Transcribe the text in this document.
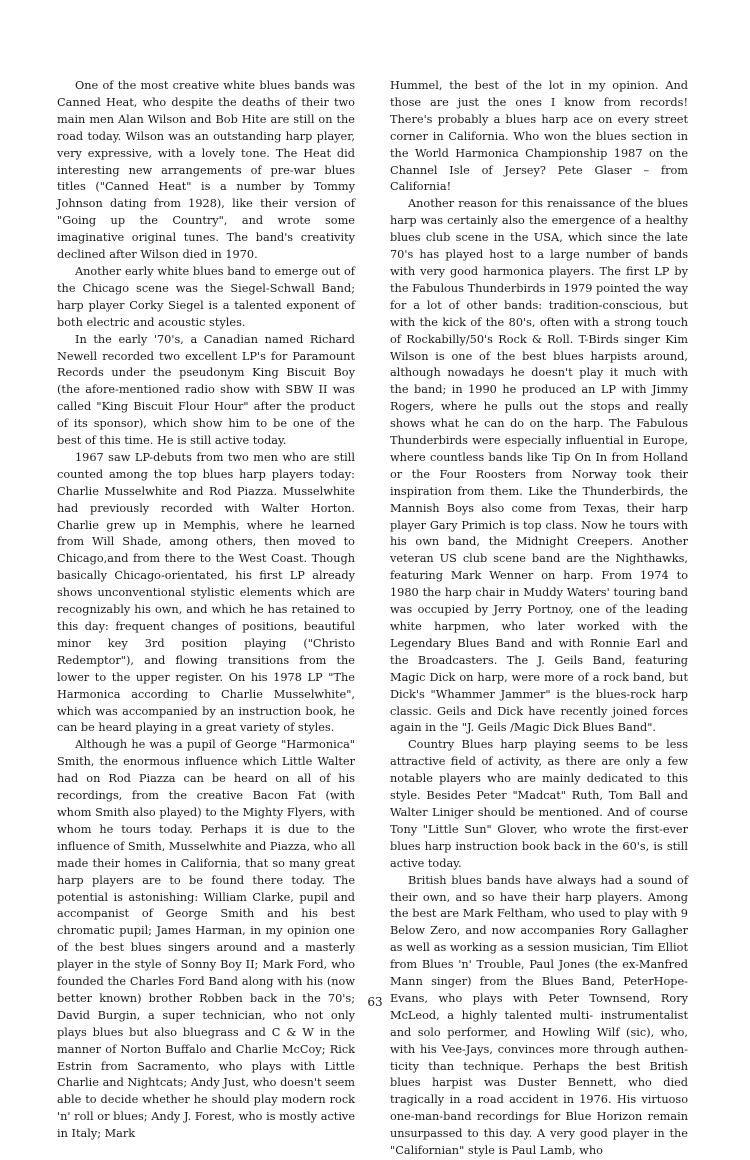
One of the most creative white blues bands was Canned Heat, who despite the deaths of their two main men Alan Wilson and Bob Hite are still on the road today. Wilson was an outstanding harp player, very expressive, with a lovely tone. The Heat did interesting new arrangements of pre-war blues titles ("Canned Heat" is a number by Tommy Johnson dating from 1928), like their version of "Going up the Country", and wrote some imaginative original tunes. The band's creativity declined after Wilson died in 1970.

Another early white blues band to emerge out of the Chicago scene was the Siegel-Schwall Band; harp player Corky Siegel is a talented exponent of both electric and acoustic styles.

In the early '70's, a Canadian named Richard Newell recorded two excellent LP's for Paramount Records under the pseudonym King Biscuit Boy (the afore-mentioned radio show with SBW II was called "King Biscuit Flour Hour" after the product of its sponsor), which show him to be one of the best of this time. He is still active today.

1967 saw LP-debuts from two men who are still counted among the top blues harp players today: Charlie Musselwhite and Rod Piazza. Musselwhite had previously recorded with Walter Horton. Charlie grew up in Memphis, where he learned from Will Shade, among others, then moved to Chicago,and from there to the West Coast. Though basically Chicago-orientated, his first LP already shows unconventional stylistic elements which are recognizably his own, and which he has retained to this day: frequent changes of positions, beautiful minor key 3rd position playing ("Christo Redemptor"), and flowing transitions from the lower to the upper register. On his 1978 LP "The Harmonica according to Charlie Musselwhite", which was accompanied by an instruction book, he can be heard playing in a great variety of styles.

Although he was a pupil of George "Harmonica" Smith, the enormous influence which Little Walter had on Rod Piazza can be heard on all of his recordings, from the creative Bacon Fat (with whom Smith also played) to the Mighty Flyers, with whom he tours today. Perhaps it is due to the influence of Smith, Musselwhite and Piazza, who all made their homes in California, that so many great harp players are to be found there today. The potential is astonishing: William Clarke, pupil and accompanist of George Smith and his best chromatic pupil; James Harman, in my opinion one of the best blues singers around and a masterly player in the style of Sonny Boy II; Mark Ford, who founded the Charles Ford Band along with his (now better known) brother Robben back in the 70's; David Burgin, a super technician, who not only plays blues but also bluegrass and C & W in the manner of Norton Buffalo and Charlie McCoy; Rick Estrin from Sacramento, who plays with Little Charlie and Nightcats; Andy Just, who doesn't seem able to decide whether he should play modern rock 'n' roll or blues; Andy J. Forest, who is mostly active in Italy; Mark

Hummel, the best of the lot in my opinion. And those are just the ones I know from records! There's probably a blues harp ace on every street corner in California. Who won the blues section in the World Harmonica Championship 1987 on the Channel Isle of Jersey? Pete Glaser – from California!

Another reason for this renaissance of the blues harp was certainly also the emergence of a healthy blues club scene in the USA, which since the late 70's has played host to a large number of bands with very good harmonica players. The first LP by the Fabulous Thunderbirds in 1979 pointed the way for a lot of other bands: tradition-conscious, but with the kick of the 80's, often with a strong touch of Rockabilly/50's Rock & Roll. T-Birds singer Kim Wilson is one of the best blues harpists around, although nowadays he doesn't play it much with the band; in 1990 he produced an LP with Jimmy Rogers, where he pulls out the stops and really shows what he can do on the harp. The Fabulous Thunderbirds were especially influential in Europe, where countless bands like Tip On In from Holland or the Four Roosters from Norway took their inspiration from them. Like the Thunderbirds, the Mannish Boys also come from Texas, their harp player Gary Primich is top class. Now he tours with his own band, the Midnight Creepers. Another veteran US club scene band are the Nighthawks, featuring Mark Wenner on harp. From 1974 to 1980 the harp chair in Muddy Waters' touring band was occupied by Jerry Portnoy, one of the leading white harpmen, who later worked with the Legendary Blues Band and with Ronnie Earl and the Broadcasters. The J. Geils Band, featuring Magic Dick on harp, were more of a rock band, but Dick's "Whammer Jammer" is the blues-rock harp classic. Geils and Dick have recently joined forces again in the "J. Geils /Magic Dick Blues Band".

Country Blues harp playing seems to be less attractive field of activity, as there are only a few notable players who are mainly dedicated to this style. Besides Peter "Madcat" Ruth, Tom Ball and Walter Liniger should be mentioned. And of course Tony "Little Sun" Glover, who wrote the first-ever blues harp instruction book back in the 60's, is still active today.

British blues bands have always had a sound of their own, and so have their harp players. Among the best are Mark Feltham, who used to play with 9 Below Zero, and now accompanies Rory Gallagher as well as working as a session musician, Tim Elliot from Blues 'n' Trouble, Paul Jones (the ex-Manfred Mann singer) from the Blues Band, PeterHope-Evans, who plays with Peter Townsend, Rory McLeod, a highly talented multi- instrumentalist and solo performer, and Howling Wilf (sic), who, with his Vee-Jays, convinces more through authenticity than technique. Perhaps the best British blues harpist was Duster Bennett, who died tragically in a road accident in 1976. His virtuoso one-man-band recordings for Blue Horizon remain unsurpassed to this day. A very good player in the "Californian" style is Paul Lamb, who

63
